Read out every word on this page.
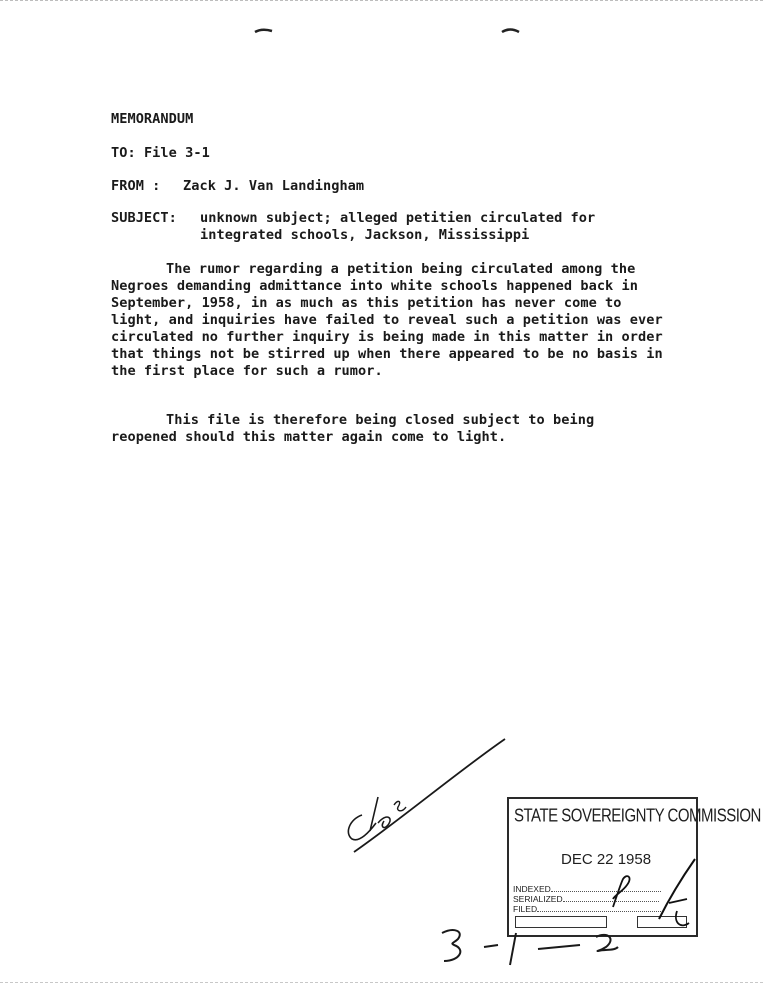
MEMORANDUM
TO: File 3-1
FROM : Zack J. Van Landingham
SUBJECT: unknown subject; alleged petitien circulated for integrated schools, Jackson, Mississippi
The rumor regarding a petition being circulated among the Negroes demanding admittance into white schools happened back in September, 1958, in as much as this petition has never come to light, and inquiries have failed to reveal such a petition was ever circulated no further inquiry is being made in this matter in order that things not be stirred up when there appeared to be no basis in the first place for such a rumor.
This file is therefore being closed subject to being reopened should this matter again come to light.
STATE SOVEREIGNTY COMMISSION
DEC 22 1958
INDEXED
SERIALIZED
FILED
